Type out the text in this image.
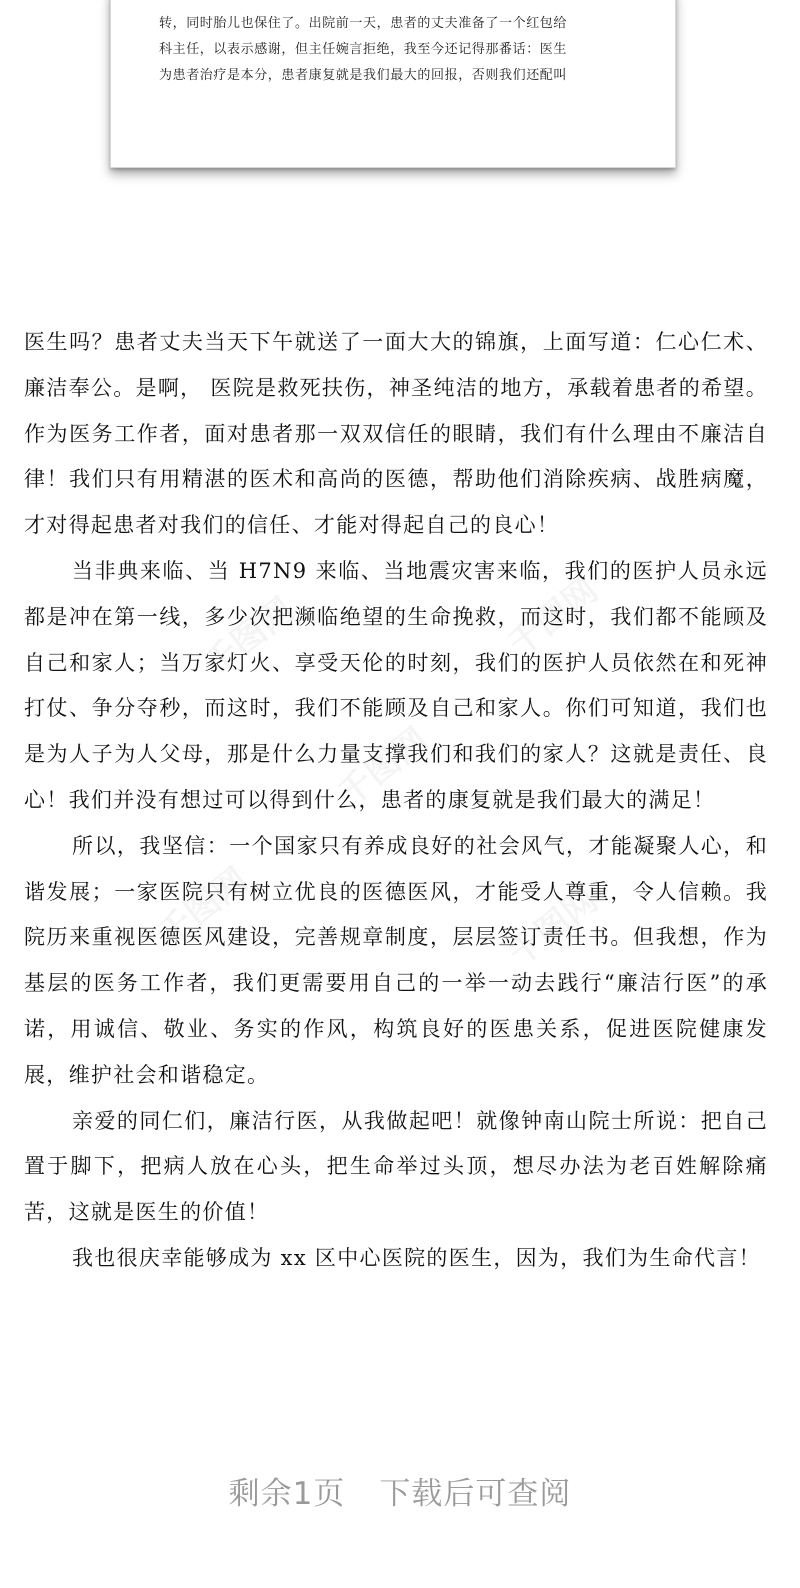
转，同时胎儿也保住了。出院前一天，患者的丈夫准备了一个红包给
科主任，以表示感谢，但主任婉言拒绝，我至今还记得那番话：医生
为患者治疗是本分，患者康复就是我们最大的回报，否则我们还配叫

医生吗？患者丈夫当天下午就送了一面大大的锦旗，上面写道：仁心仁术、廉洁奉公。是啊， 医院是救死扶伤，神圣纯洁的地方，承载着患者的希望。作为医务工作者，面对患者那一双双信任的眼睛，我们有什么理由不廉洁自律！我们只有用精湛的医术和高尚的医德，帮助他们消除疾病、战胜病魔，才对得起患者对我们的信任、才能对得起自己的良心！

当非典来临、当 H7N9 来临、当地震灾害来临，我们的医护人员永远都是冲在第一线，多少次把濒临绝望的生命挽救，而这时，我们都不能顾及自己和家人；当万家灯火、享受天伦的时刻，我们的医护人员依然在和死神打仗、争分夺秒，而这时，我们不能顾及自己和家人。你们可知道，我们也是为人子为人父母，那是什么力量支撑我们和我们的家人？这就是责任、良心！我们并没有想过可以得到什么，患者的康复就是我们最大的满足！

所以，我坚信：一个国家只有养成良好的社会风气，才能凝聚人心，和谐发展；一家医院只有树立优良的医德医风，才能受人尊重，令人信赖。我院历来重视医德医风建设，完善规章制度，层层签订责任书。但我想，作为基层的医务工作者，我们更需要用自己的一举一动去践行“廉洁行医”的承诺，用诚信、敬业、务实的作风，构筑良好的医患关系，促进医院健康发展，维护社会和谐稳定。

亲爱的同仁们，廉洁行医，从我做起吧！就像钟南山院士所说：把自己置于脚下，把病人放在心头，把生命举过头顶，想尽办法为老百姓解除痛苦，这就是医生的价值！

我也很庆幸能够成为 xx 区中心医院的医生，因为，我们为生命代言！

剩余1页 下载后可查阅
